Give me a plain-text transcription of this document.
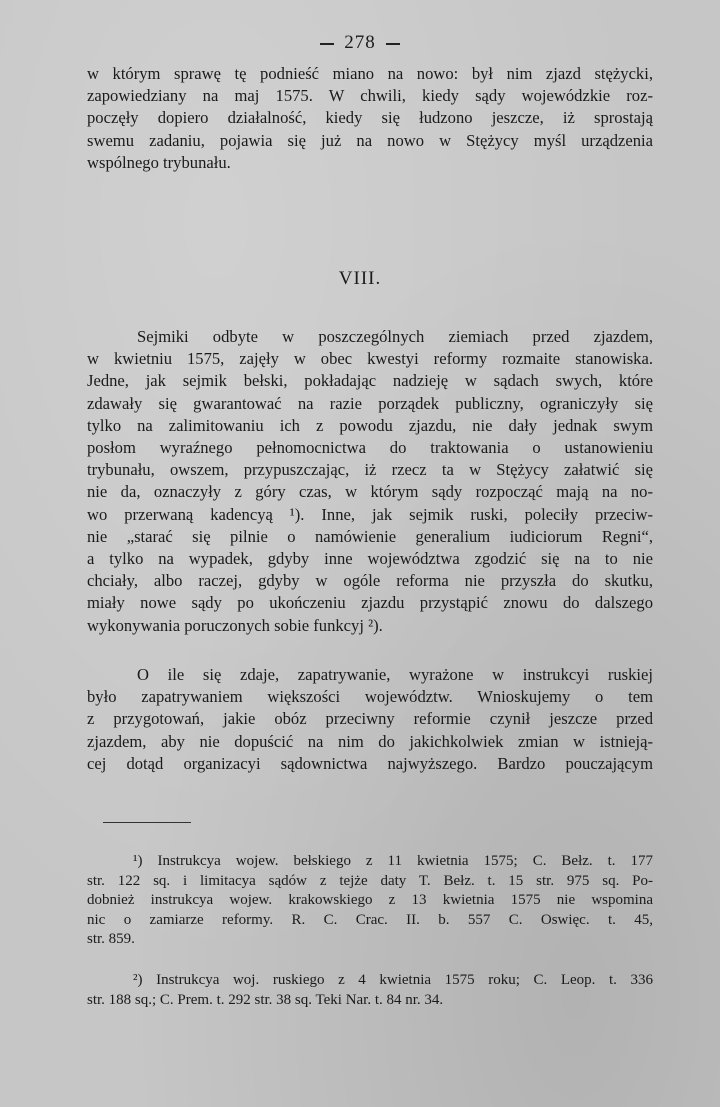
278
w którym sprawę tę podnieść miano na nowo: był nim zjazd stężycki,
zapowiedziany na maj 1575. W chwili, kiedy sądy wojewódzkie roz-
poczęły dopiero działalność, kiedy się łudzono jeszcze, iż sprostają
swemu zadaniu, pojawia się już na nowo w Stężycy myśl urządzenia
wspólnego trybunału.
VIII.
Sejmiki odbyte w poszczególnych ziemiach przed zjazdem,
w kwietniu 1575, zajęły w obec kwestyi reformy rozmaite stanowiska.
Jedne, jak sejmik bełski, pokładając nadzieję w sądach swych, które
zdawały się gwarantować na razie porządek publiczny, ograniczyły się
tylko na zalimitowaniu ich z powodu zjazdu, nie dały jednak swym
posłom wyraźnego pełnomocnictwa do traktowania o ustanowieniu
trybunału, owszem, przypuszczając, iż rzecz ta w Stężycy załatwić się
nie da, oznaczyły z góry czas, w którym sądy rozpocząć mają na no-
wo przerwaną kadencyą ¹). Inne, jak sejmik ruski, poleciły przeciw-
nie „starać się pilnie o namówienie generalium iudiciorum Regni“,
a tylko na wypadek, gdyby inne województwa zgodzić się na to nie
chciały, albo raczej, gdyby w ogóle reforma nie przyszła do skutku,
miały nowe sądy po ukończeniu zjazdu przystąpić znowu do dalszego
wykonywania poruczonych sobie funkcyj ²).
O ile się zdaje, zapatrywanie, wyrażone w instrukcyi ruskiej
było zapatrywaniem większości województw. Wnioskujemy o tem
z przygotowań, jakie obóz przeciwny reformie czynił jeszcze przed
zjazdem, aby nie dopuścić na nim do jakichkolwiek zmian w istnieją-
cej dotąd organizacyi sądownictwa najwyższego. Bardzo pouczającym
¹) Instrukcya wojew. bełskiego z 11 kwietnia 1575; C. Bełz. t. 177
str. 122 sq. i limitacya sądów z tejże daty T. Bełz. t. 15 str. 975 sq. Po-
dobnież instrukcya wojew. krakowskiego z 13 kwietnia 1575 nie wspomina
nic o zamiarze reformy. R. C. Crac. II. b. 557 C. Oswięc. t. 45,
str. 859.
²) Instrukcya woj. ruskiego z 4 kwietnia 1575 roku; C. Leop. t. 336
str. 188 sq.; C. Prem. t. 292 str. 38 sq. Teki Nar. t. 84 nr. 34.
